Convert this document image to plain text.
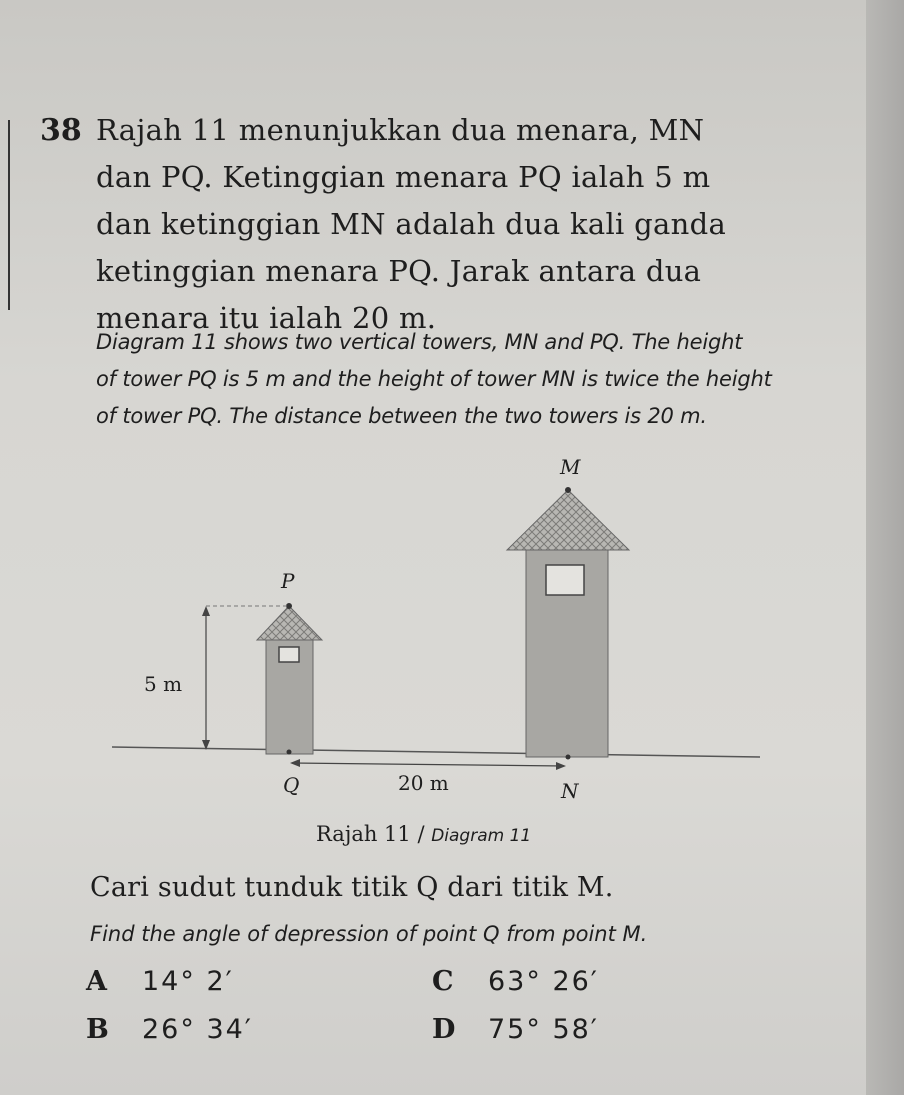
38 Rajah 11 menunjukkan dua menara, MN
dan PQ. Ketinggian menara PQ ialah 5 m
dan ketinggian MN adalah dua kali ganda
ketinggian menara PQ. Jarak antara dua
menara itu ialah 20 m.
Diagram 11 shows two vertical towers, MN and PQ. The height
of tower PQ is 5 m and the height of tower MN is twice the height
of tower PQ. The distance between the two towers is 20 m.
M
P
Q	N
5 m
20 m
Rajah 11 / Diagram 11
Cari sudut tunduk titik Q dari titik M.
Find the angle of depression of point Q from point M.
A 14° 2′
B 26° 34′
C 63° 26′
D 75° 58′
